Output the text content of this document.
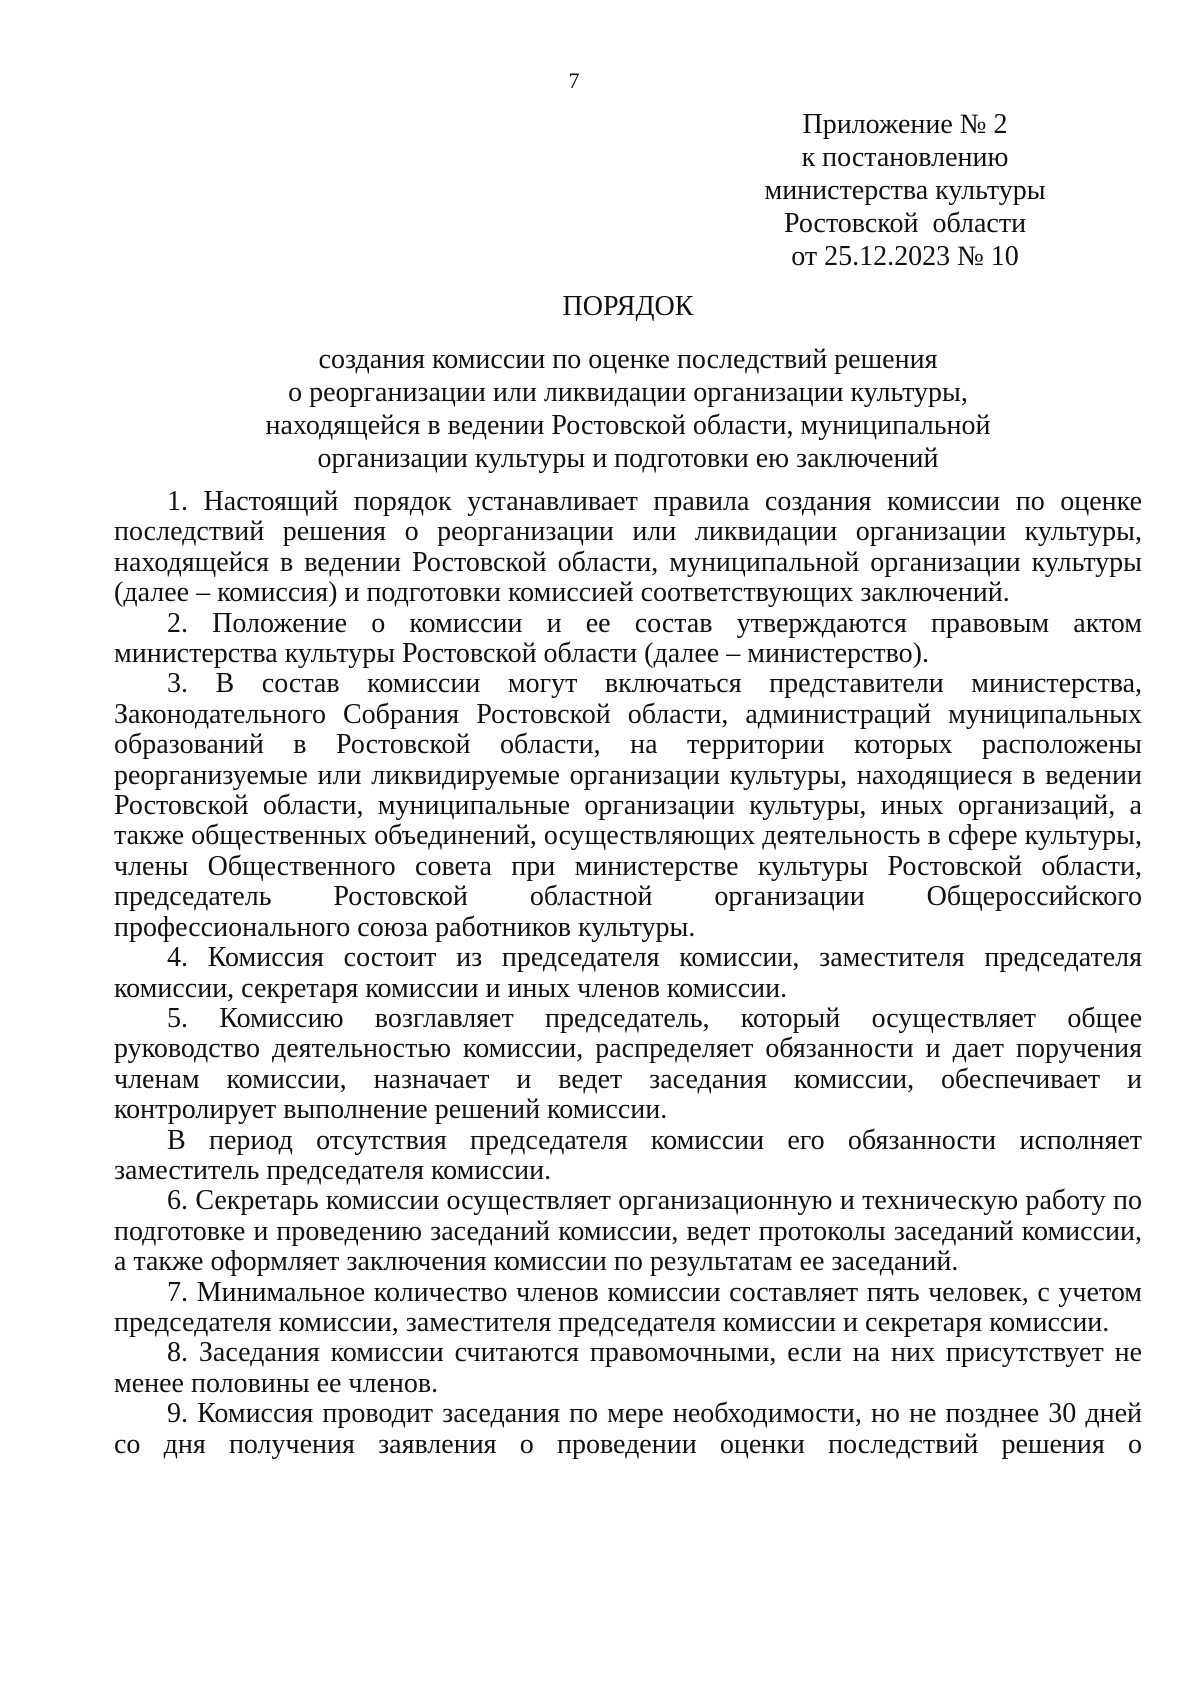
7
Приложение № 2
к постановлению
министерства культуры
Ростовской  области
от 25.12.2023 № 10
ПОРЯДОК
создания комиссии по оценке последствий решения
о реорганизации или ликвидации организации культуры,
находящейся в ведении Ростовской области, муниципальной
организации культуры и подготовки ею заключений

1. Настоящий порядок устанавливает правила создания комиссии по оценке последствий решения о реорганизации или ликвидации организации культуры, находящейся в ведении Ростовской области, муниципальной организации культуры (далее – комиссия) и подготовки комиссией соответствующих заключений.

2. Положение о комиссии и ее состав утверждаются правовым актом министерства культуры Ростовской области (далее – министерство).

3. В состав комиссии могут включаться представители министерства, Законодательного Собрания Ростовской области, администраций муниципальных образований в Ростовской области, на территории которых расположены реорганизуемые или ликвидируемые организации культуры, находящиеся в ведении Ростовской области, муниципальные организации культуры, иных организаций, а также общественных объединений, осуществляющих деятельность в сфере культуры, члены Общественного совета при министерстве культуры Ростовской области, председатель Ростовской областной организации Общероссийского профессионального союза работников культуры.

4. Комиссия состоит из председателя комиссии, заместителя председателя комиссии, секретаря комиссии и иных членов комиссии.

5. Комиссию возглавляет председатель, который осуществляет общее руководство деятельностью комиссии, распределяет обязанности и дает поручения членам комиссии, назначает и ведет заседания комиссии, обеспечивает и контролирует выполнение решений комиссии.

В период отсутствия председателя комиссии его обязанности исполняет заместитель председателя комиссии.

6. Секретарь комиссии осуществляет организационную и техническую работу по подготовке и проведению заседаний комиссии, ведет протоколы заседаний комиссии, а также оформляет заключения комиссии по результатам ее заседаний.

7. Минимальное количество членов комиссии составляет пять человек, с учетом председателя комиссии, заместителя председателя комиссии и секретаря комиссии.

8. Заседания комиссии считаются правомочными, если на них присутствует не менее половины ее членов.

9. Комиссия проводит заседания по мере необходимости, но не позднее 30 дней со дня получения заявления о проведении оценки последствий решения о
